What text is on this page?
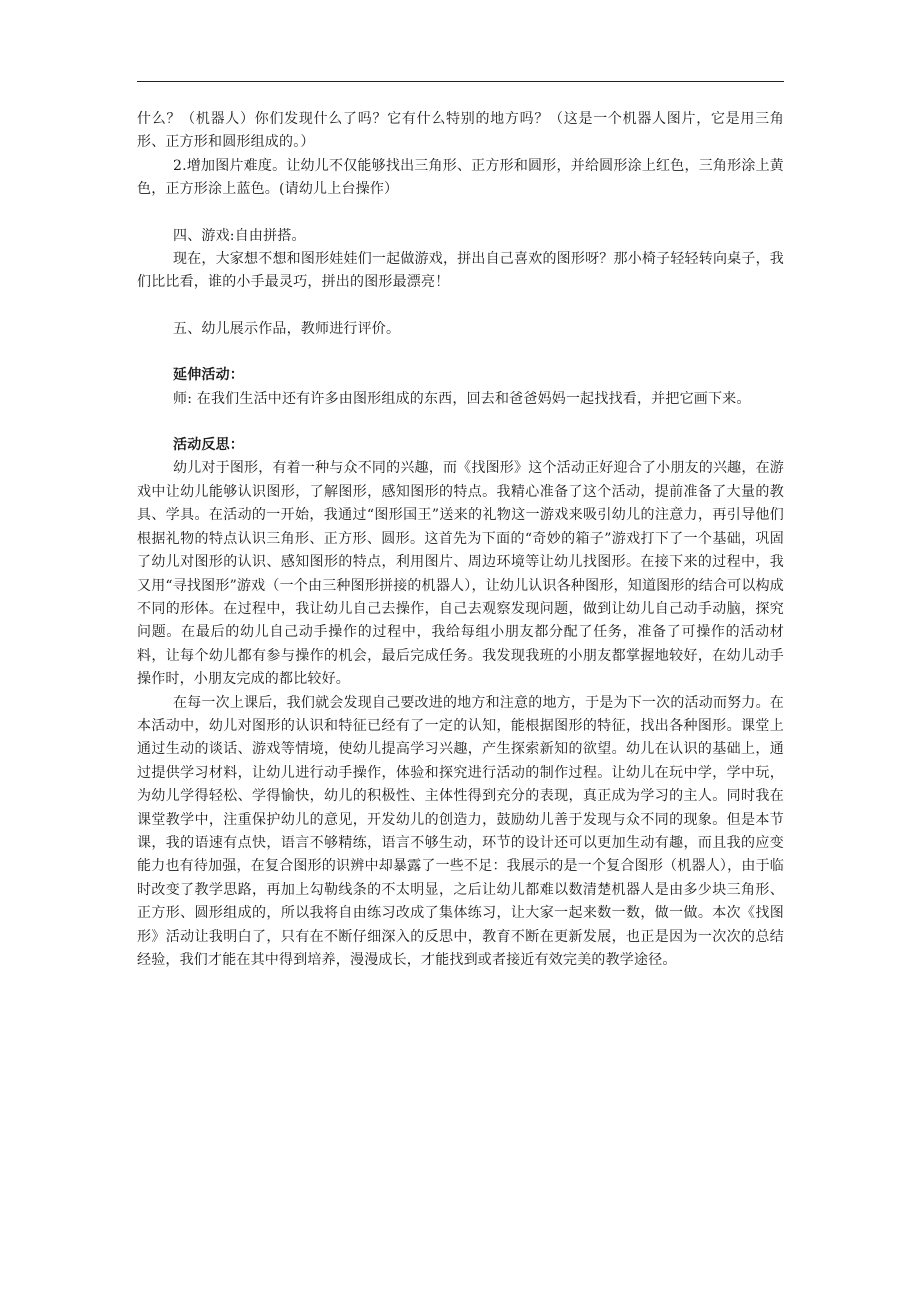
什么？（机器人）你们发现什么了吗？它有什么特别的地方吗？（这是一个机器人图片，它是用三角形、正方形和圆形组成的。）

2.增加图片难度。让幼儿不仅能够找出三角形、正方形和圆形，并给圆形涂上红色，三角形涂上黄色，正方形涂上蓝色。(请幼儿上台操作）

四、游戏:自由拼搭。

现在，大家想不想和图形娃娃们一起做游戏，拼出自己喜欢的图形呀？那小椅子轻轻转向桌子，我们比比看，谁的小手最灵巧，拼出的图形最漂亮！

五、幼儿展示作品，教师进行评价。

延伸活动：

师: 在我们生活中还有许多由图形组成的东西，回去和爸爸妈妈一起找找看，并把它画下来。

活动反思：

幼儿对于图形，有着一种与众不同的兴趣，而《找图形》这个活动正好迎合了小朋友的兴趣，在游戏中让幼儿能够认识图形，了解图形，感知图形的特点。我精心准备了这个活动，提前准备了大量的教具、学具。在活动的一开始，我通过“图形国王”送来的礼物这一游戏来吸引幼儿的注意力，再引导他们根据礼物的特点认识三角形、正方形、圆形。这首先为下面的“奇妙的箱子”游戏打下了一个基础，巩固了幼儿对图形的认识、感知图形的特点，利用图片、周边环境等让幼儿找图形。在接下来的过程中，我又用“寻找图形”游戏（一个由三种图形拼接的机器人），让幼儿认识各种图形，知道图形的结合可以构成不同的形体。在过程中，我让幼儿自己去操作，自己去观察发现问题，做到让幼儿自己动手动脑，探究问题。在最后的幼儿自己动手操作的过程中，我给每组小朋友都分配了任务，准备了可操作的活动材料，让每个幼儿都有参与操作的机会，最后完成任务。我发现我班的小朋友都掌握地较好，在幼儿动手操作时，小朋友完成的都比较好。

在每一次上课后，我们就会发现自己要改进的地方和注意的地方，于是为下一次的活动而努力。在本活动中，幼儿对图形的认识和特征已经有了一定的认知，能根据图形的特征，找出各种图形。课堂上通过生动的谈话、游戏等情境，使幼儿提高学习兴趣，产生探索新知的欲望。幼儿在认识的基础上，通过提供学习材料，让幼儿进行动手操作，体验和探究进行活动的制作过程。让幼儿在玩中学，学中玩，为幼儿学得轻松、学得愉快，幼儿的积极性、主体性得到充分的表现，真正成为学习的主人。同时我在课堂教学中，注重保护幼儿的意见，开发幼儿的创造力，鼓励幼儿善于发现与众不同的现象。但是本节课，我的语速有点快，语言不够精练，语言不够生动，环节的设计还可以更加生动有趣，而且我的应变能力也有待加强，在复合图形的识辨中却暴露了一些不足：我展示的是一个复合图形（机器人），由于临时改变了教学思路，再加上勾勒线条的不太明显，之后让幼儿都难以数清楚机器人是由多少块三角形、正方形、圆形组成的，所以我将自由练习改成了集体练习，让大家一起来数一数，做一做。本次《找图形》活动让我明白了，只有在不断仔细深入的反思中，教育不断在更新发展，也正是因为一次次的总结经验，我们才能在其中得到培养，漫漫成长，才能找到或者接近有效完美的教学途径。
